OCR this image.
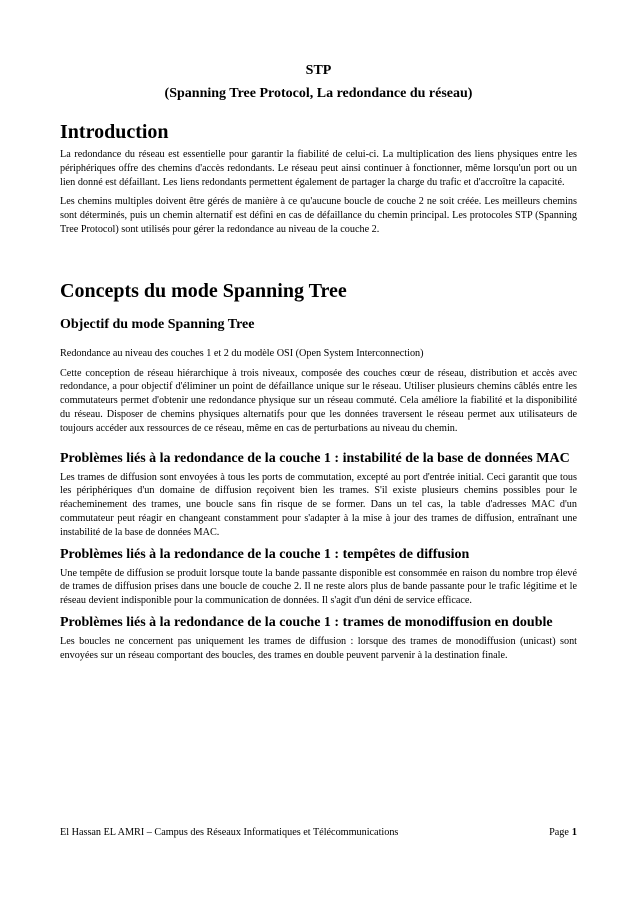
STP
(Spanning Tree Protocol, La redondance du réseau)
Introduction

La redondance du réseau est essentielle pour garantir la fiabilité de celui-ci. La multiplication des liens physiques entre les périphériques offre des chemins d'accès redondants. Le réseau peut ainsi continuer à fonctionner, même lorsqu'un port ou un lien donné est défaillant. Les liens redondants permettent également de partager la charge du trafic et d'accroître la capacité.

Les chemins multiples doivent être gérés de manière à ce qu'aucune boucle de couche 2 ne soit créée. Les meilleurs chemins sont déterminés, puis un chemin alternatif est défini en cas de défaillance du chemin principal. Les protocoles STP (Spanning Tree Protocol) sont utilisés pour gérer la redondance au niveau de la couche 2.

Concepts du mode Spanning Tree
Objectif du mode Spanning Tree

Redondance au niveau des couches 1 et 2 du modèle OSI (Open System Interconnection)

Cette conception de réseau hiérarchique à trois niveaux, composée des couches cœur de réseau, distribution et accès avec redondance, a pour objectif d'éliminer un point de défaillance unique sur le réseau. Utiliser plusieurs chemins câblés entre les commutateurs permet d'obtenir une redondance physique sur un réseau commuté. Cela améliore la fiabilité et la disponibilité du réseau. Disposer de chemins physiques alternatifs pour que les données traversent le réseau permet aux utilisateurs de toujours accéder aux ressources de ce réseau, même en cas de perturbations au niveau du chemin.

Problèmes liés à la redondance de la couche 1 : instabilité de la base de données MAC

Les trames de diffusion sont envoyées à tous les ports de commutation, excepté au port d'entrée initial. Ceci garantit que tous les périphériques d'un domaine de diffusion reçoivent bien les trames. S'il existe plusieurs chemins possibles pour le réacheminement des trames, une boucle sans fin risque de se former. Dans un tel cas, la table d'adresses MAC d'un commutateur peut réagir en changeant constamment pour s'adapter à la mise à jour des trames de diffusion, entraînant une instabilité de la base de données MAC.

Problèmes liés à la redondance de la couche 1 : tempêtes de diffusion

Une tempête de diffusion se produit lorsque toute la bande passante disponible est consommée en raison du nombre trop élevé de trames de diffusion prises dans une boucle de couche 2. Il ne reste alors plus de bande passante pour le trafic légitime et le réseau devient indisponible pour la communication de données. Il s'agit d'un déni de service efficace.

Problèmes liés à la redondance de la couche 1 : trames de monodiffusion en double

Les boucles ne concernent pas uniquement les trames de diffusion : lorsque des trames de monodiffusion (unicast) sont envoyées sur un réseau comportant des boucles, des trames en double peuvent parvenir à la destination finale.

El Hassan EL AMRI – Campus des Réseaux Informatiques et Télécommunications	Page 1
